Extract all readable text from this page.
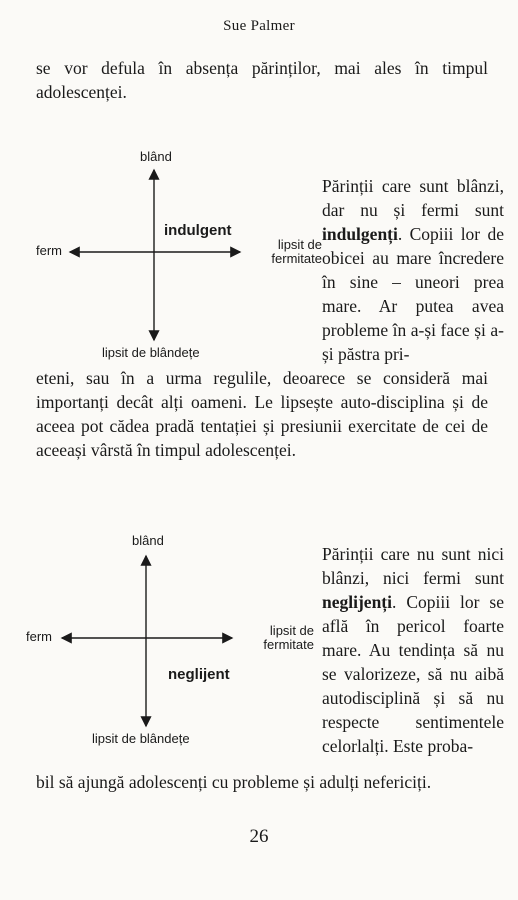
Sue Palmer

se vor defula în absența părinților, mai ales în timpul adolescenței.

blând
ferm	lipsit de fermitate
lipsit de blândețe
indulgent

Părinții care sunt blânzi, dar nu și fermi sunt indulgenți. Copiii lor de obicei au mare încredere în sine – uneori prea mare. Ar putea avea probleme în a-și face și a-și păstra pri-

eteni, sau în a urma regulile, deoarece se consideră mai importanți decât alți oameni. Le lipsește auto-disciplina și de aceea pot cădea pradă tentației și presiunii exercitate de cei de aceeași vârstă în timpul adolescenței.

blând
ferm	lipsit de fermitate
lipsit de blândețe
neglijent

Părinții care nu sunt nici blânzi, nici fermi sunt neglijenți. Copiii lor se află în pericol foarte mare. Au tendința să nu se valorizeze, să nu aibă autodisciplină și să nu respecte sentimentele celorlalți. Este proba-

bil să ajungă adolescenți cu probleme și adulți nefericiți.

26
